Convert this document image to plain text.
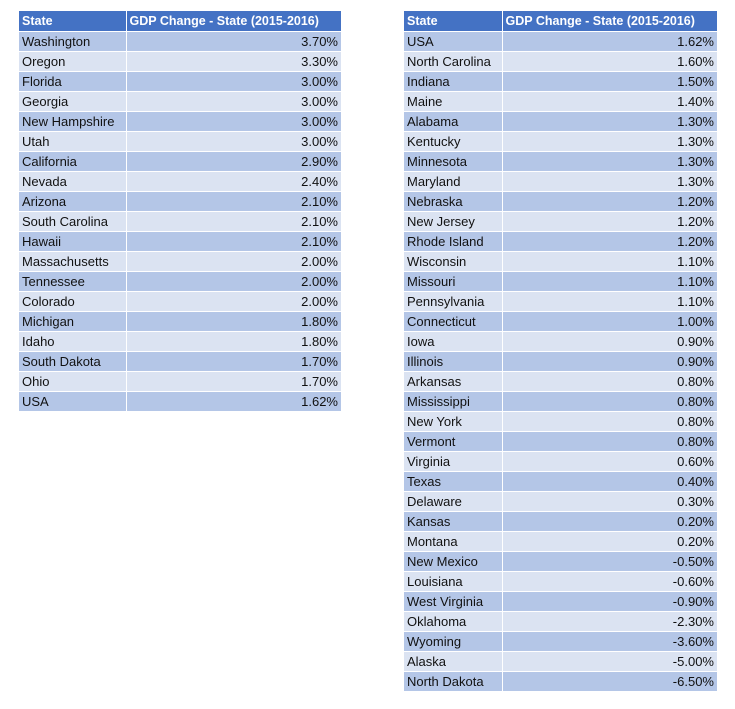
State	GDP Change - State (2015-2016)
Washington	3.70%
Oregon	3.30%
Florida	3.00%
Georgia	3.00%
New Hampshire	3.00%
Utah	3.00%
California	2.90%
Nevada	2.40%
Arizona	2.10%
South Carolina	2.10%
Hawaii	2.10%
Massachusetts	2.00%
Tennessee	2.00%
Colorado	2.00%
Michigan	1.80%
Idaho	1.80%
South Dakota	1.70%
Ohio	1.70%
USA	1.62%
State	GDP Change - State (2015-2016)
USA	1.62%
North Carolina	1.60%
Indiana	1.50%
Maine	1.40%
Alabama	1.30%
Kentucky	1.30%
Minnesota	1.30%
Maryland	1.30%
Nebraska	1.20%
New Jersey	1.20%
Rhode Island	1.20%
Wisconsin	1.10%
Missouri	1.10%
Pennsylvania	1.10%
Connecticut	1.00%
Iowa	0.90%
Illinois	0.90%
Arkansas	0.80%
Mississippi	0.80%
New York	0.80%
Vermont	0.80%
Virginia	0.60%
Texas	0.40%
Delaware	0.30%
Kansas	0.20%
Montana	0.20%
New Mexico	-0.50%
Louisiana	-0.60%
West Virginia	-0.90%
Oklahoma	-2.30%
Wyoming	-3.60%
Alaska	-5.00%
North Dakota	-6.50%
